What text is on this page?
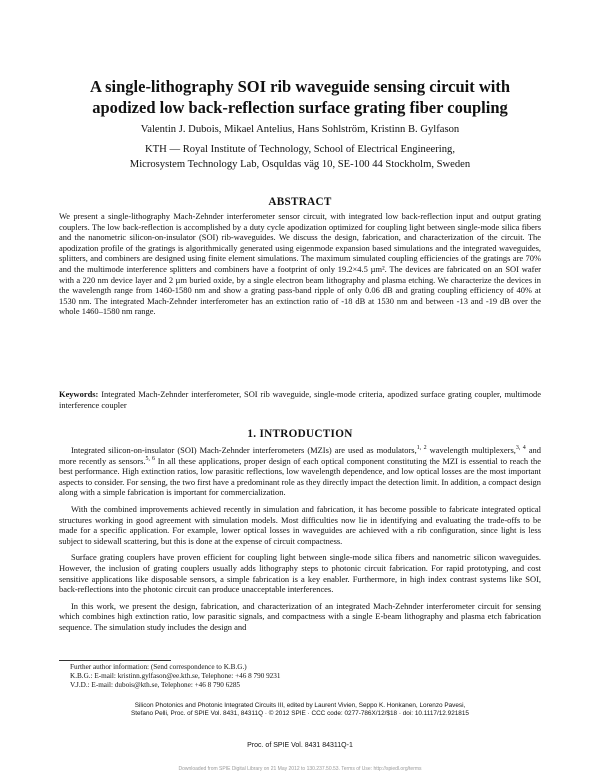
A single-lithography SOI rib waveguide sensing circuit with
apodized low back-reflection surface grating fiber coupling
Valentin J. Dubois, Mikael Antelius, Hans Sohlström, Kristinn B. Gylfason
KTH — Royal Institute of Technology, School of Electrical Engineering,
Microsystem Technology Lab, Osquldas väg 10, SE-100 44 Stockholm, Sweden
ABSTRACT

We present a single-lithography Mach-Zehnder interferometer sensor circuit, with integrated low back-reflection input and output grating couplers. The low back-reflection is accomplished by a duty cycle apodization optimized for coupling light between single-mode silica fibers and the nanometric silicon-on-insulator (SOI) rib-waveguides. We discuss the design, fabrication, and characterization of the circuit. The apodization profile of the gratings is algorithmically generated using eigenmode expansion based simulations and the integrated waveguides, splitters, and combiners are designed using finite element simulations. The maximum simulated coupling efficiencies of the gratings are 70% and the multimode interference splitters and combiners have a footprint of only 19.2×4.5 µm². The devices are fabricated on an SOI wafer with a 220 nm device layer and 2 µm buried oxide, by a single electron beam lithography and plasma etching. We characterize the devices in the wavelength range from 1460-1580 nm and show a grating pass-band ripple of only 0.06 dB and grating coupling efficiency of 40% at 1530 nm. The integrated Mach-Zehnder interferometer has an extinction ratio of -18 dB at 1530 nm and between -13 and -19 dB over the whole 1460–1580 nm range.

Keywords: Integrated Mach-Zehnder interferometer, SOI rib waveguide, single-mode criteria, apodized surface grating coupler, multimode interference coupler

1. INTRODUCTION

Integrated silicon-on-insulator (SOI) Mach-Zehnder interferometers (MZIs) are used as modulators,$^{1, 2}$ wavelength multiplexers,$^{3, 4}$ and more recently as sensors.$^{5, 6}$ In all these applications, proper design of each optical component constituting the MZI is essential to reach the best performance. High extinction ratios, low parasitic reflections, low wavelength dependence, and low optical losses are the most important aspects to consider. For sensing, the two first have a predominant role as they directly impact the detection limit. In addition, a compact design along with a simple fabrication is important for commercialization.

With the combined improvements achieved recently in simulation and fabrication, it has become possible to fabricate integrated optical structures working in good agreement with simulation models. Most difficulties now lie in identifying and evaluating the trade-offs to be made for a specific application. For example, lower optical losses in waveguides are achieved with a rib configuration, since light is less subject to sidewall scattering, but this is done at the expense of circuit compactness.

Surface grating couplers have proven efficient for coupling light between single-mode silica fibers and nanometric silicon waveguides. However, the inclusion of grating couplers usually adds lithography steps to photonic circuit fabrication. For rapid prototyping, and cost sensitive applications like disposable sensors, a simple fabrication is a key enabler. Furthermore, in high index contrast systems like SOI, back-reflections into the photonic circuit can produce unacceptable interferences.

In this work, we present the design, fabrication, and characterization of an integrated Mach-Zehnder interferometer circuit for sensing which combines high extinction ratio, low parasitic signals, and compactness with a single E-beam lithography and plasma etch fabrication sequence. The simulation study includes the design and

Further author information: (Send correspondence to K.B.G.)
K.B.G.: E-mail: kristinn.gylfason@ee.kth.se, Telephone: +46 8 790 9231
V.J.D.: E-mail: dubois@kth.se, Telephone: +46 8 790 6285
Silicon Photonics and Photonic Integrated Circuits III, edited by Laurent Vivien, Seppo K. Honkanen, Lorenzo Pavesi,
Stefano Pelli, Proc. of SPIE Vol. 8431, 84311Q · © 2012 SPIE · CCC code: 0277-786X/12/$18 · doi: 10.1117/12.921815
Proc. of SPIE Vol. 8431 84311Q-1
Downloaded from SPIE Digital Library on 21 May 2012 to 130.237.50.53. Terms of Use: http://spiedl.org/terms
